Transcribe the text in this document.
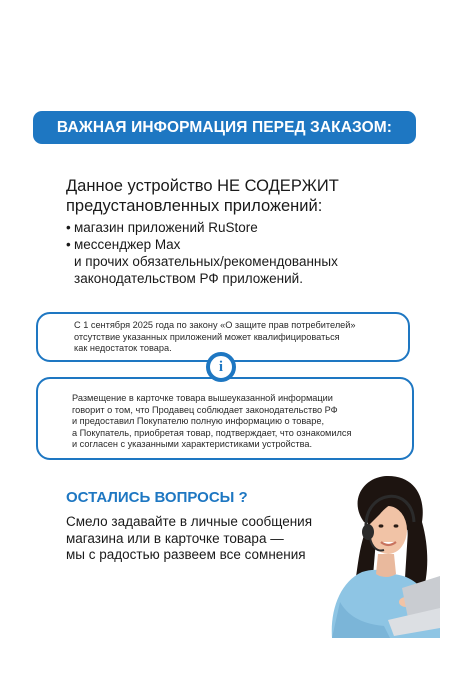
ВАЖНАЯ ИНФОРМАЦИЯ ПЕРЕД ЗАКАЗОМ:
Данное устройство НЕ СОДЕРЖИТ
предустановленных приложений:
• магазин приложений RuStore
• мессенджер Max
и прочих обязательных/рекомендованных
законодательством РФ приложений.
С 1 сентября 2025 года по закону «О защите прав потребителей»
отсутствие указанных приложений может квалифицироваться
как недостаток товара.
i
Размещение в карточке товара вышеуказанной информации
говорит о том, что Продавец соблюдает законодательство РФ
и предоставил Покупателю полную информацию о товаре,
а Покупатель, приобретая товар, подтверждает, что ознакомился
и согласен с указанными характеристиками устройства.
ОСТАЛИСЬ ВОПРОСЫ ?
Смело задавайте в личные сообщения
магазина или в карточке товара —
мы с радостью развеем все сомнения
